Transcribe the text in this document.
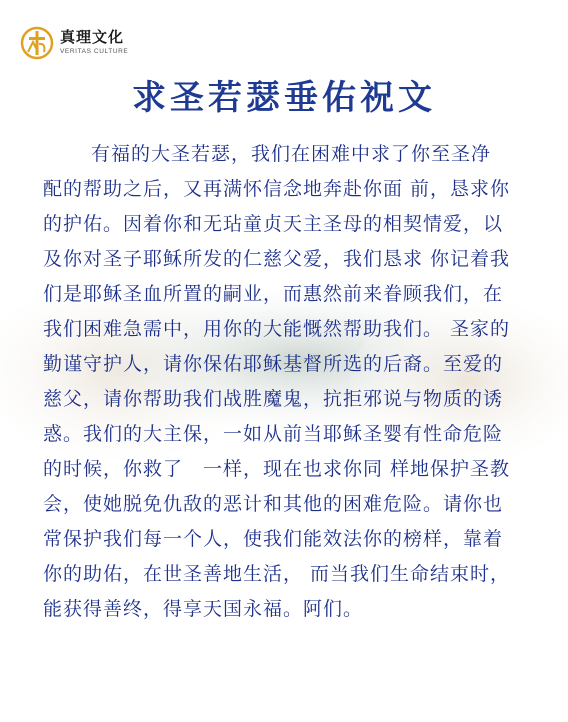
真理文化
VERITAS CULTURE
求圣若瑟垂佑祝文
有福的大圣若瑟，我们在困难中求了你至圣净
配的帮助之后，又再满怀信念地奔赴你面 前，恳求你
的护佑。因着你和无玷童贞天主圣母的相契情爱，以
及你对圣子耶稣所发的仁慈父爱，我们恳求 你记着我
们是耶稣圣血所置的嗣业，而惠然前来眷顾我们，在
我们困难急需中，用你的大能慨然帮助我们。 圣家的
勤谨守护人，请你保佑耶稣基督所选的后裔。至爱的
慈父，请你帮助我们战胜魔鬼，抗拒邪说与物质的诱
惑。我们的大主保，一如从前当耶稣圣婴有性命危险
的时候，你救了　一样，现在也求你同 样地保护圣教
会，使她脱免仇敌的恶计和其他的困难危险。请你也
常保护我们每一个人，使我们能效法你的榜样，靠着
你的助佑，在世圣善地生活， 而当我们生命结束时，
能获得善终，得享天国永福。阿们。
